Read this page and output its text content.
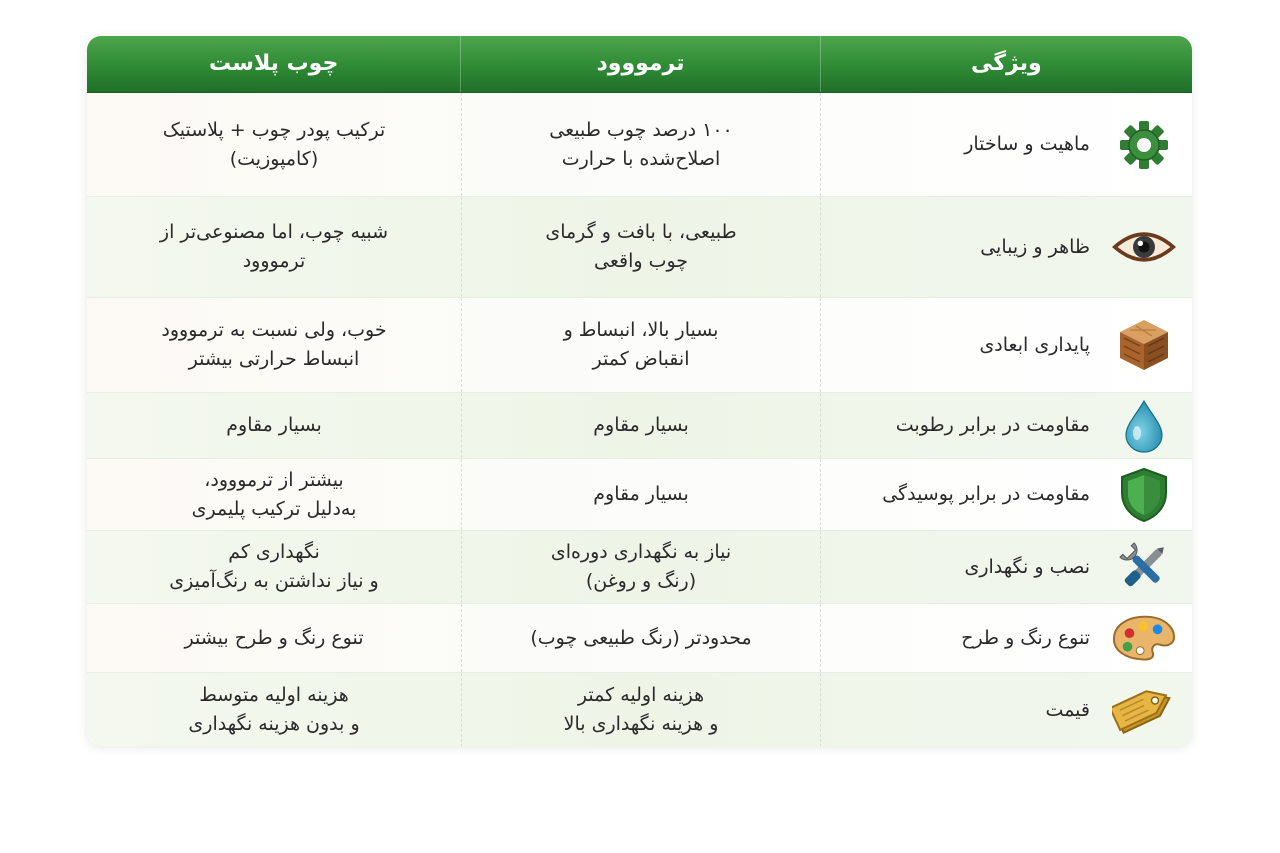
ویژگی
ترمووود
چوب پلاست
ماهیت و ساختار
۱۰۰ درصد چوب طبیعی
اصلاح‌شده با حرارت
ترکیب پودر چوب + پلاستیک
(کامپوزیت)
ظاهر و زیبایی
طبیعی، با بافت و گرمای
چوب واقعی
شبیه چوب، اما مصنوعی‌تر از
ترمووود
پایداری ابعادی
بسیار بالا، انبساط و
انقباض کمتر
خوب، ولی نسبت به ترمووود
انبساط حرارتی بیشتر
مقاومت در برابر رطوبت
بسیار مقاوم
بسیار مقاوم
مقاومت در برابر پوسیدگی
بسیار مقاوم
بیشتر از ترمووود،
به‌دلیل ترکیب پلیمری
نصب و نگهداری
نیاز به نگهداری دوره‌ای
(رنگ و روغن)
نگهداری کم
و نیاز نداشتن به رنگ‌آمیزی
تنوع رنگ و طرح
محدودتر (رنگ طبیعی چوب)
تنوع رنگ و طرح بیشتر
قیمت
هزینه اولیه کمتر
و هزینه نگهداری بالا
هزینه اولیه متوسط
و بدون هزینه نگهداری
